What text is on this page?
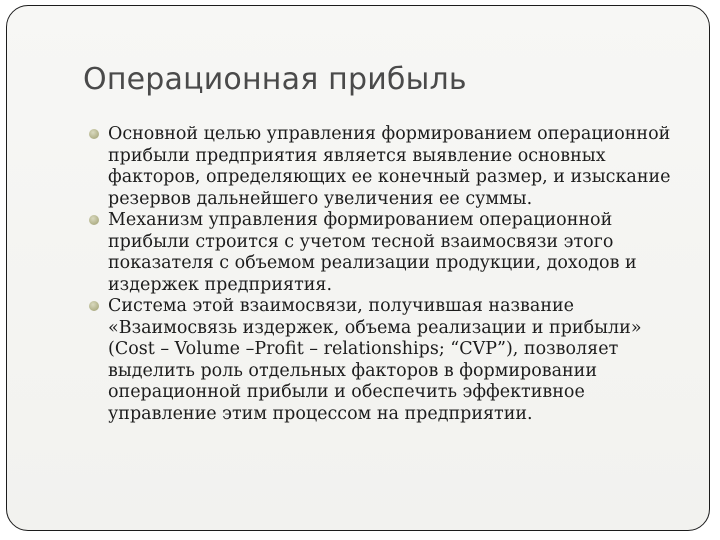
Операционная прибыль
Основной целью управления формированием операционной прибыли предприятия является выявление основных факторов, определяющих ее конечный размер, и изыскание резервов дальнейшего увеличения ее суммы.
Механизм управления формированием операционной прибыли строится с учетом тесной взаимосвязи этого показателя с объемом реализации продукции, доходов и издержек предприятия.
Система этой взаимосвязи, получившая название «Взаимосвязь издержек, объема реализации и прибыли» (Cost – Volume –Profit – relationships; “CVP”), позволяет выделить роль отдельных факторов в формировании операционной прибыли и обеспечить эффективное управление этим процессом на предприятии.
